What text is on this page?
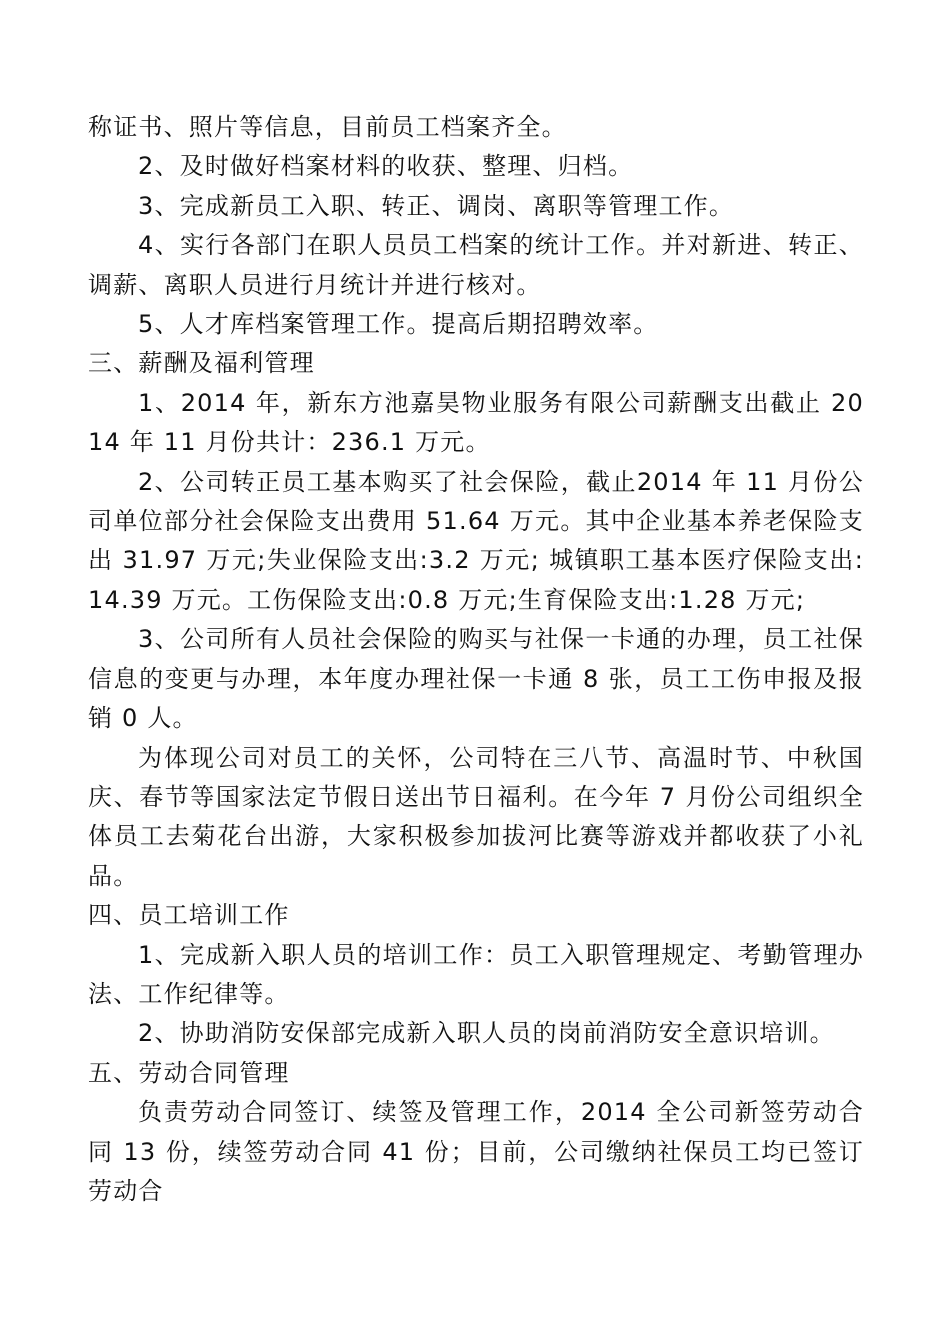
称证书、照片等信息，目前员工档案齐全。

2、及时做好档案材料的收获、整理、归档。

3、完成新员工入职、转正、调岗、离职等管理工作。

4、实行各部门在职人员员工档案的统计工作。并对新进、转正、调薪、离职人员进行月统计并进行核对。

5、人才库档案管理工作。提高后期招聘效率。

三、薪酬及福利管理

1、2014 年，新东方池嘉昊物业服务有限公司薪酬支出截止 2014 年 11 月份共计：236.1 万元。

2、公司转正员工基本购买了社会保险，截止2014 年 11 月份公司单位部分社会保险支出费用 51.64 万元。其中企业基本养老保险支出 31.97 万元;失业保险支出:3.2 万元; 城镇职工基本医疗保险支出:14.39 万元。工伤保险支出:0.8 万元;生育保险支出:1.28 万元;

3、公司所有人员社会保险的购买与社保一卡通的办理，员工社保信息的变更与办理，本年度办理社保一卡通 8 张，员工工伤申报及报销 0 人。

为体现公司对员工的关怀，公司特在三八节、高温时节、中秋国庆、春节等国家法定节假日送出节日福利。在今年 7 月份公司组织全体员工去菊花台出游，大家积极参加拔河比赛等游戏并都收获了小礼品。

四、员工培训工作

1、完成新入职人员的培训工作：员工入职管理规定、考勤管理办法、工作纪律等。

2、协助消防安保部完成新入职人员的岗前消防安全意识培训。

五、劳动合同管理

负责劳动合同签订、续签及管理工作，2014 全公司新签劳动合同 13 份，续签劳动合同 41 份；目前，公司缴纳社保员工均已签订劳动合
